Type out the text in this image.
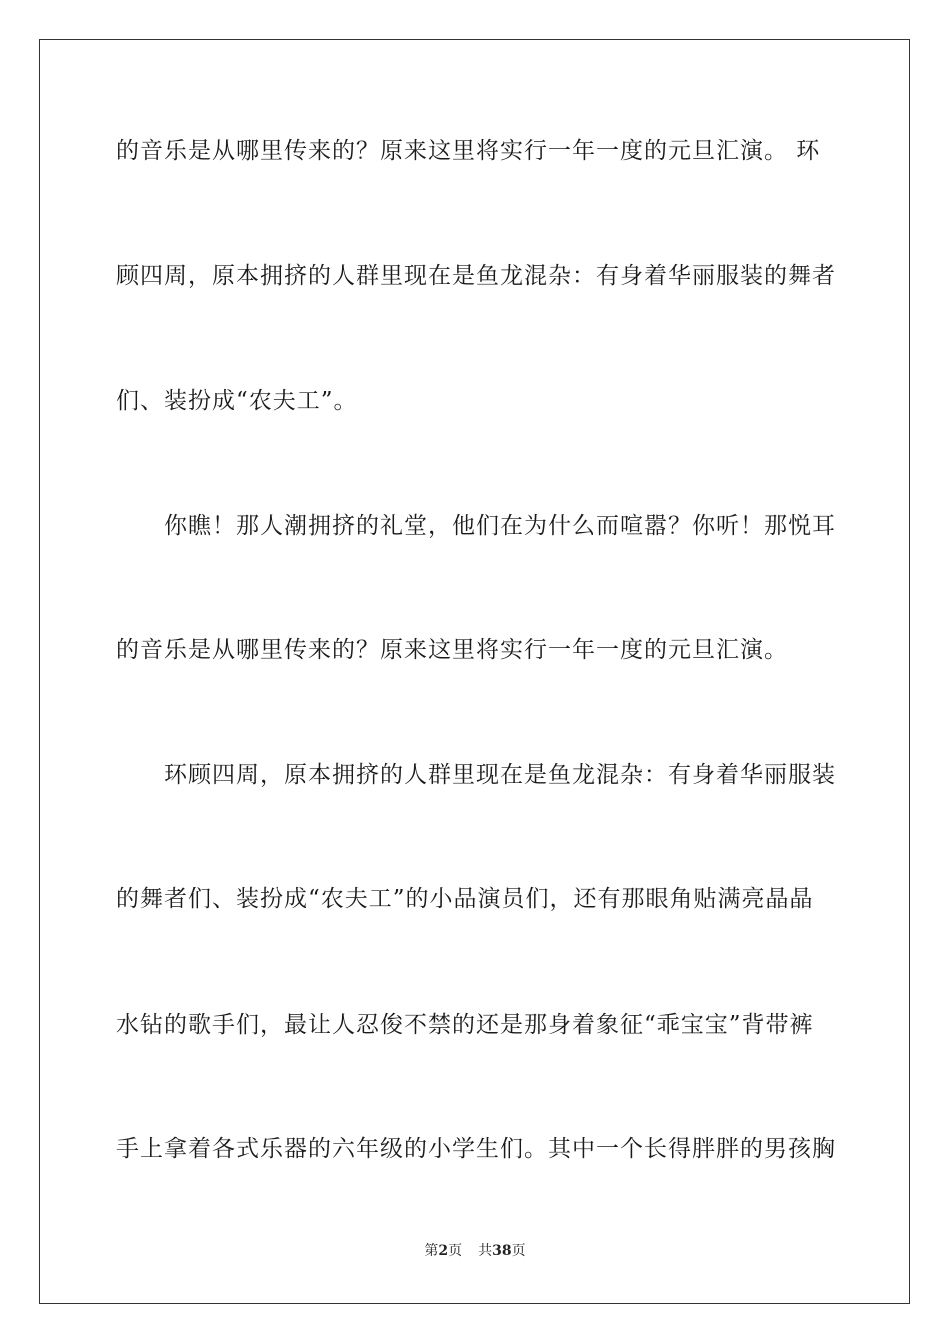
的音乐是从哪里传来的？原来这里将实行一年一度的元旦汇演。 环
顾四周，原本拥挤的人群里现在是鱼龙混杂：有身着华丽服装的舞者
们、装扮成“农夫工”。
你瞧！那人潮拥挤的礼堂，他们在为什么而喧嚣？你听！那悦耳
的音乐是从哪里传来的？原来这里将实行一年一度的元旦汇演。
环顾四周，原本拥挤的人群里现在是鱼龙混杂：有身着华丽服装
的舞者们、装扮成“农夫工”的小品演员们，还有那眼角贴满亮晶晶
水钻的歌手们，最让人忍俊不禁的还是那身着象征“乖宝宝”背带裤
手上拿着各式乐器的六年级的小学生们。其中一个长得胖胖的男孩胸
第2页 共38页
